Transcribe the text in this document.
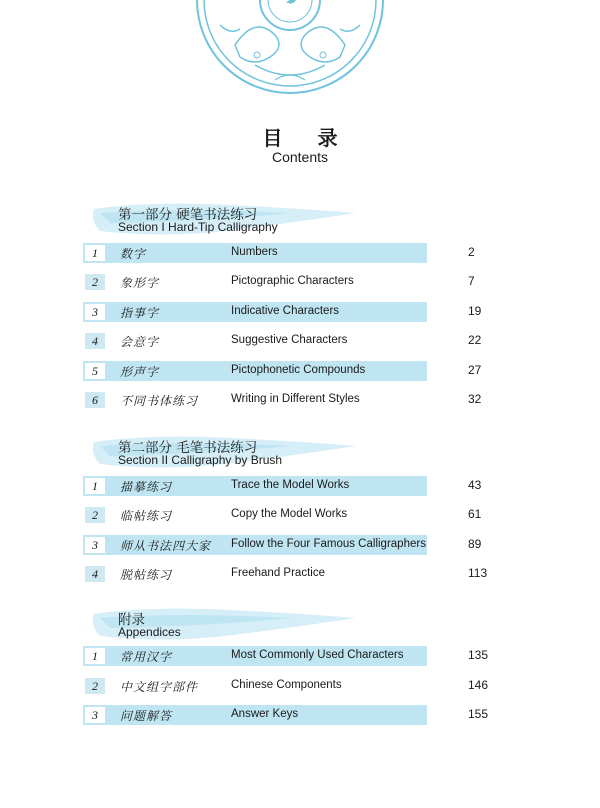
目 录
Contents
第一部分 硬笔书法练习
Section I Hard-Tip Calligraphy
1	数字	Numbers	2
2	象形字	Pictographic Characters	7
3	指事字	Indicative Characters	19
4	会意字	Suggestive Characters	22
5	形声字	Pictophonetic Compounds	27
6	不同书体练习	Writing in Different Styles	32
第二部分 毛笔书法练习
Section II Calligraphy by Brush
1	描摹练习	Trace the Model Works	43
2	临帖练习	Copy the Model Works	61
3	师从书法四大家 Follow the Four Famous Calligraphers	89
4	脱帖练习	Freehand Practice	113
附录
Appendices
1	常用汉字	Most Commonly Used Characters	135
2	中文组字部件	Chinese Components	146
3	问题解答	Answer Keys	155
